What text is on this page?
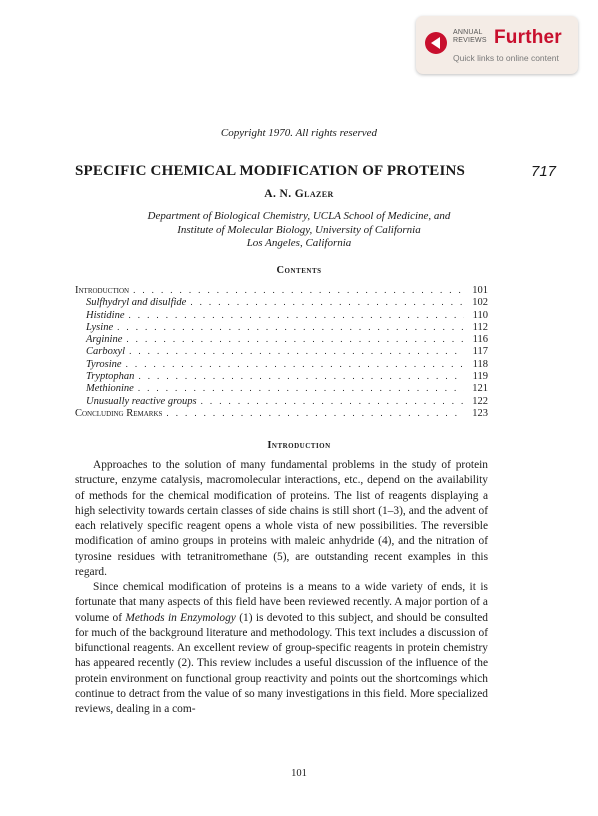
ANNUAL
REVIEWS Further
Quick links to online content
Copyright 1970. All rights reserved
SPECIFIC CHEMICAL MODIFICATION OF PROTEINS	717
A. N. Glazer
Department of Biological Chemistry, UCLA School of Medicine, and
Institute of Molecular Biology, University of California
Los Angeles, California
Contents
Introduction . . .	101
Sulfhydryl and disulfide . . .	102
Histidine . . .	110
Lysine . . .	112
Arginine . . .	116
Carboxyl . . .	117
Tyrosine . . .	118
Tryptophan . . .	119
Methionine . . .	121
Unusually reactive groups . . .	122
Concluding Remarks . . .	123
Introduction

Approaches to the solution of many fundamental problems in the study of protein structure, enzyme catalysis, macromolecular interactions, etc., depend on the availability of methods for the chemical modification of proteins. The list of reagents displaying a high selectivity towards certain classes of side chains is still short (1–3), and the advent of each relatively specific reagent opens a whole vista of new possibilities. The reversible modification of amino groups in proteins with maleic anhydride (4), and the nitration of tyrosine residues with tetranitromethane (5), are outstanding recent examples in this regard.

Since chemical modification of proteins is a means to a wide variety of ends, it is fortunate that many aspects of this field have been reviewed recently. A major portion of a volume of Methods in Enzymology (1) is devoted to this subject, and should be consulted for much of the background literature and methodology. This text includes a discussion of bifunctional reagents. An excellent review of group-specific reagents in protein chemistry has appeared recently (2). This review includes a useful discussion of the influence of the protein environment on functional group reactivity and points out the shortcomings which continue to detract from the value of so many investigations in this field. More specialized reviews, dealing in a com-

101
